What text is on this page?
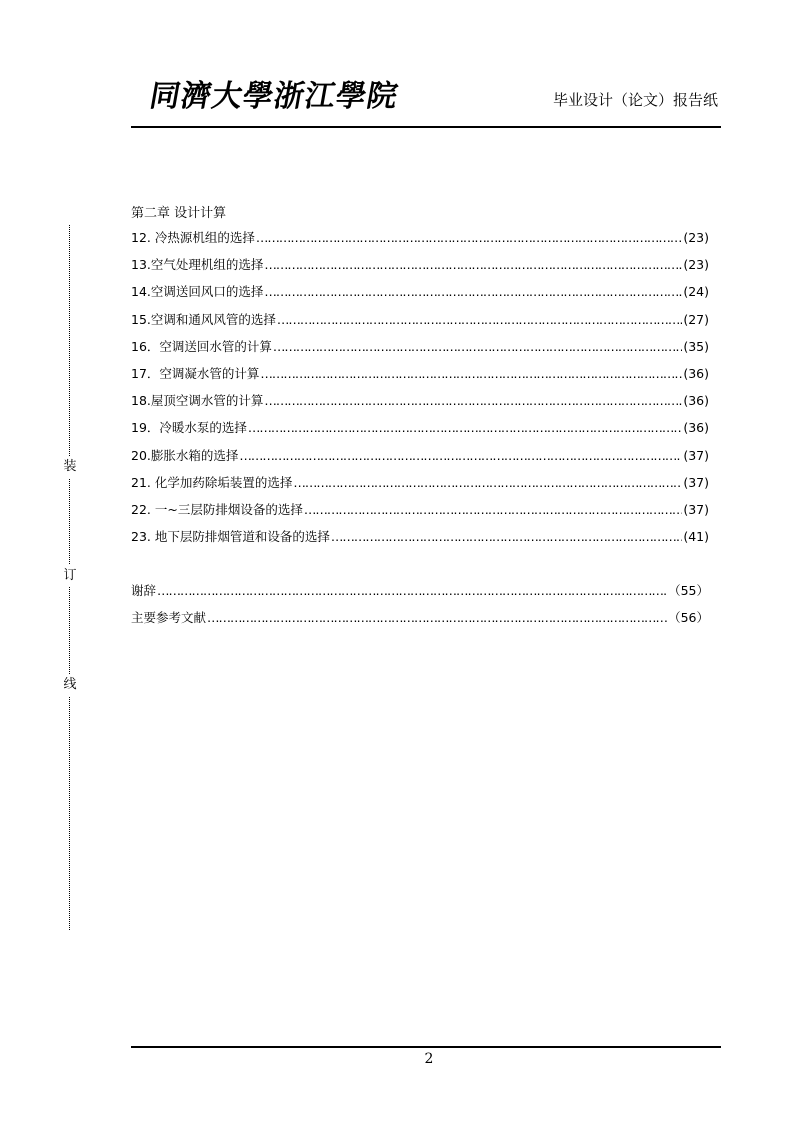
同濟大學浙江學院	毕业设计（论文）报告纸
装
订
线
第二章 设计计算
12. 冷热源机组的选择 ………………………………………………………………………………………………………………………………………………………………………………………………………………………………	(23)
13.空气处理机组的选择 ………………………………………………………………………………………………………………………………………………………………………………………………………………………………	(23)
14.空调送回风口的选择 ………………………………………………………………………………………………………………………………………………………………………………………………………………………………	(24)
15.空调和通风风管的选择 ………………………………………………………………………………………………………………………………………………………………………………………………………………………………	(27)
16．空调送回水管的计算 ………………………………………………………………………………………………………………………………………………………………………………………………………………………………	(35)
17．空调凝水管的计算 ………………………………………………………………………………………………………………………………………………………………………………………………………………………………	(36)
18.屋顶空调水管的计算 ………………………………………………………………………………………………………………………………………………………………………………………………………………………………	(36)
19．冷暖水泵的选择 ………………………………………………………………………………………………………………………………………………………………………………………………………………………………	(36)
20.膨胀水箱的选择 ………………………………………………………………………………………………………………………………………………………………………………………………………………………………	(37)
21. 化学加药除垢装置的选择 ………………………………………………………………………………………………………………………………………………………………………………………………………………………………	(37)
22. 一~三层防排烟设备的选择 ………………………………………………………………………………………………………………………………………………………………………………………………………………………………	(37)
23. 地下层防排烟管道和设备的选择 ………………………………………………………………………………………………………………………………………………………………………………………………………………………………	(41)
谢辞 ………………………………………………………………………………………………………………………………………………………………………………………………………………………………	（55）
主要参考文献 ………………………………………………………………………………………………………………………………………………………………………………………………………………………………	（56）
2
